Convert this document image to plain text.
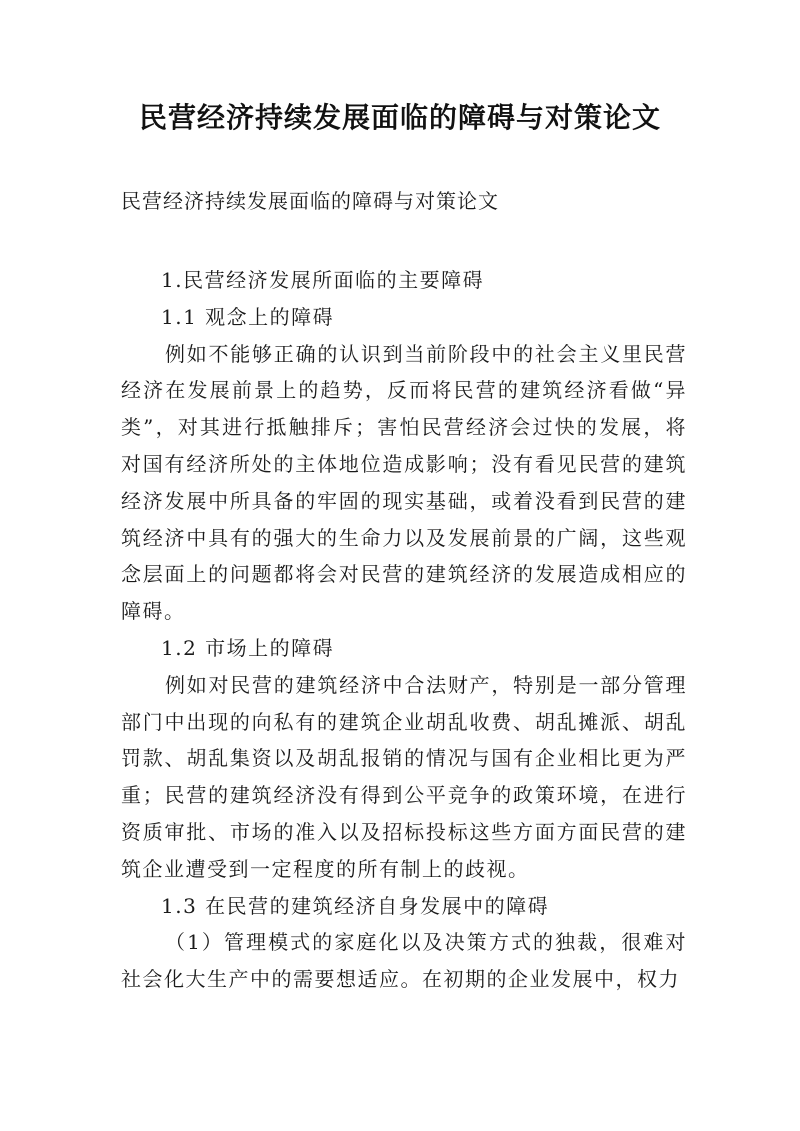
民营经济持续发展面临的障碍与对策论文

民营经济持续发展面临的障碍与对策论文

1.民营经济发展所面临的主要障碍

1.1 观念上的障碍

例如不能够正确的认识到当前阶段中的社会主义里民营经济在发展前景上的趋势，反而将民营的建筑经济看做“异类”，对其进行抵触排斥；害怕民营经济会过快的发展，将对国有经济所处的主体地位造成影响；没有看见民营的建筑经济发展中所具备的牢固的现实基础，或着没看到民营的建筑经济中具有的强大的生命力以及发展前景的广阔，这些观念层面上的问题都将会对民营的建筑经济的发展造成相应的障碍。

1.2 市场上的障碍

例如对民营的建筑经济中合法财产，特别是一部分管理部门中出现的向私有的建筑企业胡乱收费、胡乱摊派、胡乱罚款、胡乱集资以及胡乱报销的情况与国有企业相比更为严重；民营的建筑经济没有得到公平竞争的政策环境，在进行资质审批、市场的准入以及招标投标这些方面方面民营的建筑企业遭受到一定程度的所有制上的歧视。

1.3 在民营的建筑经济自身发展中的障碍

（1）管理模式的家庭化以及决策方式的独裁，很难对社会化大生产中的需要想适应。在初期的企业发展中，权力
